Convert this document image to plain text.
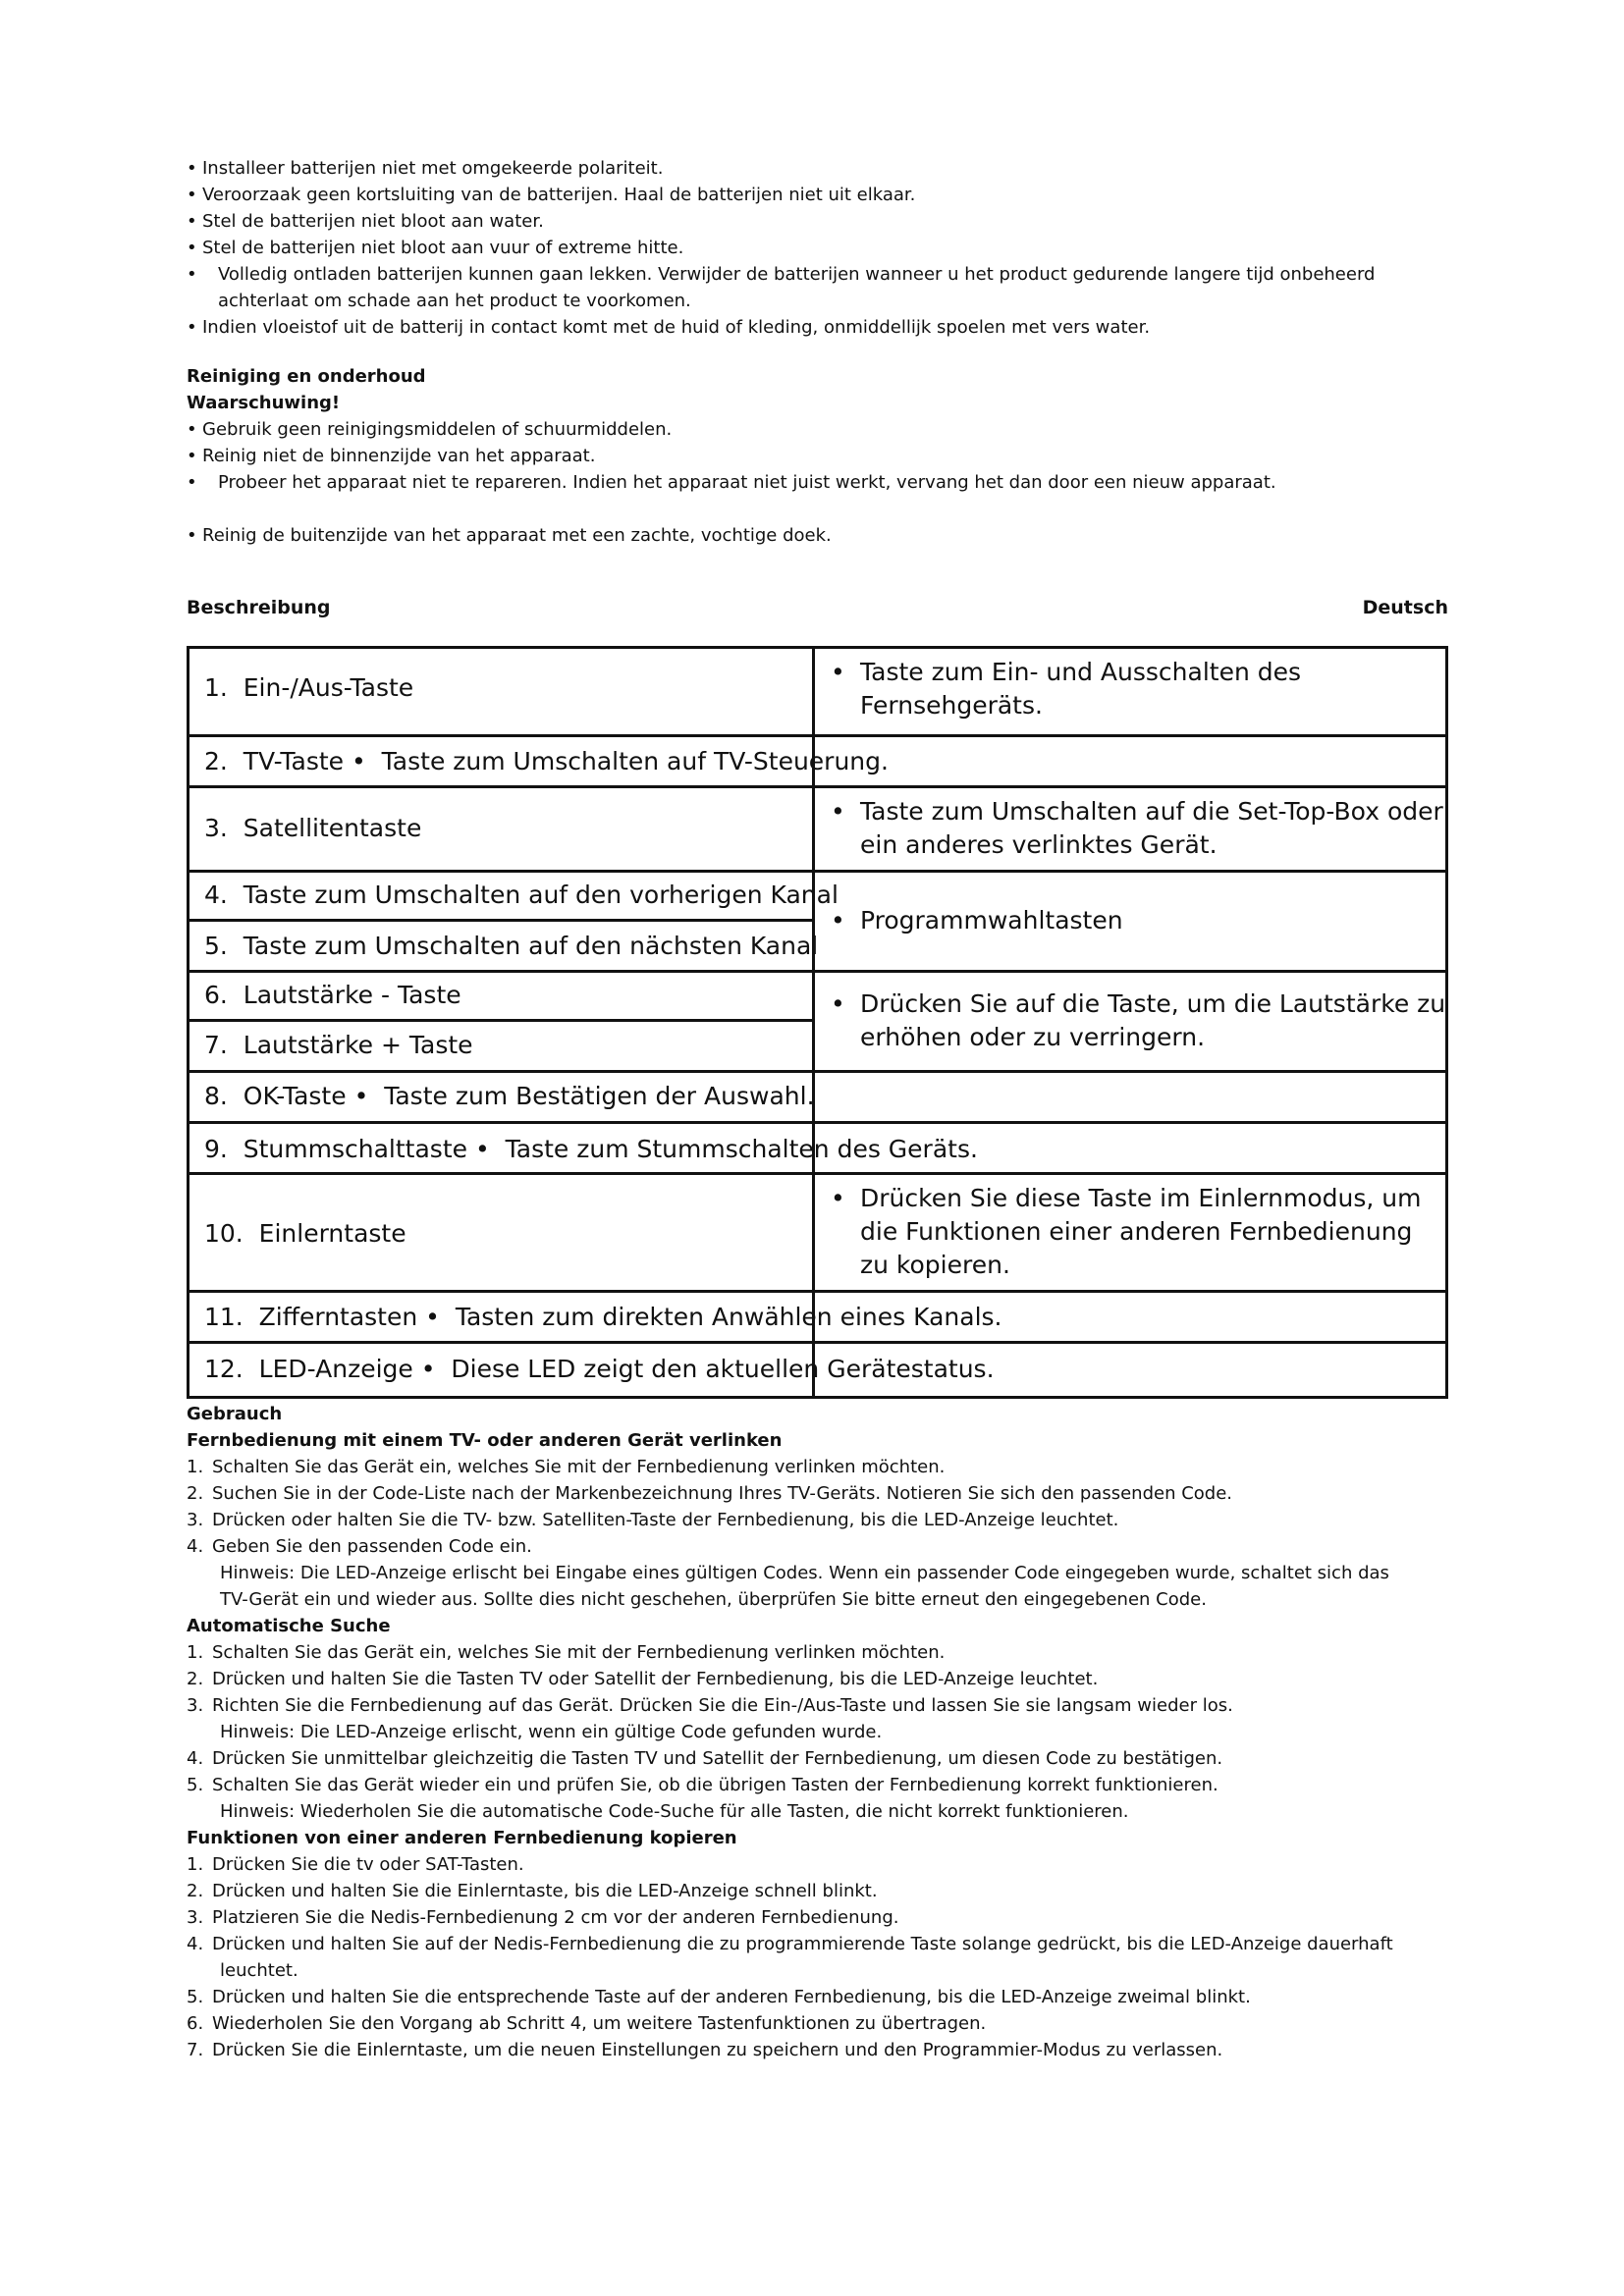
• Installeer batterijen niet met omgekeerde polariteit.
• Veroorzaak geen kortsluiting van de batterijen. Haal de batterijen niet uit elkaar.
• Stel de batterijen niet bloot aan water.
• Stel de batterijen niet bloot aan vuur of extreme hitte.
•	Volledig ontladen batterijen kunnen gaan lekken. Verwijder de batterijen wanneer u het product gedurende langere tijd onbeheerd
achterlaat om schade aan het product te voorkomen.
• Indien vloeistof uit de batterij in contact komt met de huid of kleding, onmiddellijk spoelen met vers water.
Reiniging en onderhoud
Waarschuwing!
• Gebruik geen reinigingsmiddelen of schuurmiddelen.
• Reinig niet de binnenzijde van het apparaat.
•	Probeer het apparaat niet te repareren. Indien het apparaat niet juist werkt, vervang het dan door een nieuw apparaat.
• Reinig de buitenzijde van het apparaat met een zachte, vochtige doek.
Beschreibung	Deutsch
1. Ein-/Aus-Taste
• Taste zum Ein- und Ausschalten des
Fernsehgeräts.
2. TV-Taste • Taste zum Umschalten auf TV-Steuerung.
3. Satellitentaste
• Taste zum Umschalten auf die Set-Top-Box oder
ein anderes verlinktes Gerät.
4. Taste zum Umschalten auf den vorherigen Kanal
5. Taste zum Umschalten auf den nächsten Kanal
• Programmwahltasten
6. Lautstärke - Taste
7. Lautstärke + Taste
• Drücken Sie auf die Taste, um die Lautstärke zu
erhöhen oder zu verringern.
8. OK-Taste • Taste zum Bestätigen der Auswahl.
9. Stummschalttaste • Taste zum Stummschalten des Geräts.
10. Einlerntaste
• Drücken Sie diese Taste im Einlernmodus, um
die Funktionen einer anderen Fernbedienung
zu kopieren.
11. Zifferntasten • Tasten zum direkten Anwählen eines Kanals.
12. LED-Anzeige • Diese LED zeigt den aktuellen Gerätestatus.
Gebrauch
Fernbedienung mit einem TV- oder anderen Gerät verlinken
1. Schalten Sie das Gerät ein, welches Sie mit der Fernbedienung verlinken möchten.
2. Suchen Sie in der Code-Liste nach der Markenbezeichnung Ihres TV-Geräts. Notieren Sie sich den passenden Code.
3. Drücken oder halten Sie die TV- bzw. Satelliten-Taste der Fernbedienung, bis die LED-Anzeige leuchtet.
4. Geben Sie den passenden Code ein.
Hinweis: Die LED-Anzeige erlischt bei Eingabe eines gültigen Codes. Wenn ein passender Code eingegeben wurde, schaltet sich das
TV-Gerät ein und wieder aus. Sollte dies nicht geschehen, überprüfen Sie bitte erneut den eingegebenen Code.
Automatische Suche
1. Schalten Sie das Gerät ein, welches Sie mit der Fernbedienung verlinken möchten.
2. Drücken und halten Sie die Tasten TV oder Satellit der Fernbedienung, bis die LED-Anzeige leuchtet.
3. Richten Sie die Fernbedienung auf das Gerät. Drücken Sie die Ein-/Aus-Taste und lassen Sie sie langsam wieder los.
Hinweis: Die LED-Anzeige erlischt, wenn ein gültige Code gefunden wurde.
4. Drücken Sie unmittelbar gleichzeitig die Tasten TV und Satellit der Fernbedienung, um diesen Code zu bestätigen.
5. Schalten Sie das Gerät wieder ein und prüfen Sie, ob die übrigen Tasten der Fernbedienung korrekt funktionieren.
Hinweis: Wiederholen Sie die automatische Code-Suche für alle Tasten, die nicht korrekt funktionieren.
Funktionen von einer anderen Fernbedienung kopieren
1. Drücken Sie die tv oder SAT-Tasten.
2. Drücken und halten Sie die Einlerntaste, bis die LED-Anzeige schnell blinkt.
3. Platzieren Sie die Nedis-Fernbedienung 2 cm vor der anderen Fernbedienung.
4. Drücken und halten Sie auf der Nedis-Fernbedienung die zu programmierende Taste solange gedrückt, bis die LED-Anzeige dauerhaft
leuchtet.
5. Drücken und halten Sie die entsprechende Taste auf der anderen Fernbedienung, bis die LED-Anzeige zweimal blinkt.
6. Wiederholen Sie den Vorgang ab Schritt 4, um weitere Tastenfunktionen zu übertragen.
7. Drücken Sie die Einlerntaste, um die neuen Einstellungen zu speichern und den Programmier-Modus zu verlassen.
